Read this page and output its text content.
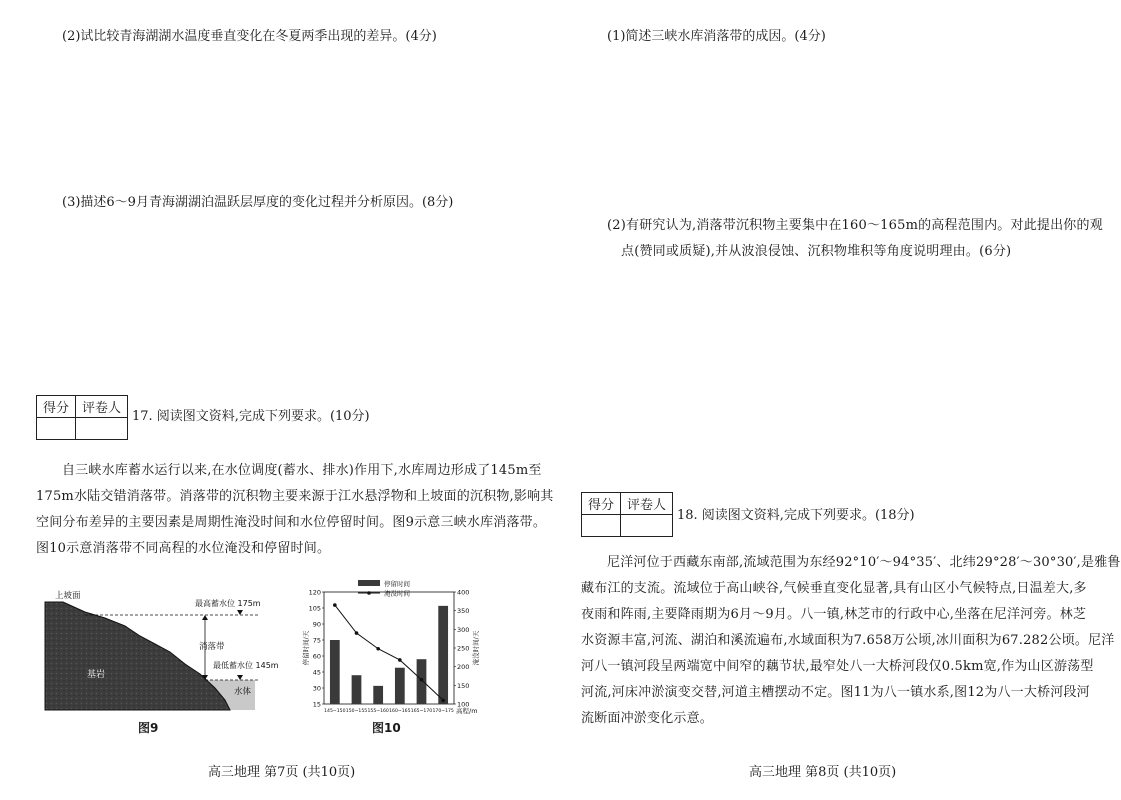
(2)试比较青海湖湖水温度垂直变化在冬夏两季出现的差异。(4分)
(3)描述6～9月青海湖湖泊温跃层厚度的变化过程并分析原因。(8分)
得分	评卷人

17. 阅读图文资料,完成下列要求。(10分)
自三峡水库蓄水运行以来,在水位调度(蓄水、排水)作用下,水库周边形成了145m至
175m水陆交错消落带。消落带的沉积物主要来源于江水悬浮物和上坡面的沉积物,影响其
空间分布差异的主要因素是周期性淹没时间和水位停留时间。图9示意三峡水库消落带。
图10示意消落带不同高程的水位淹没和停留时间。
上坡面
最高蓄水位 175m
消落带
最低蓄水位 145m
基岩
水体
图9
15
30
45
60
75
90
105
120
100
150
200
250
300
350
400
145~150 150~155 155~160 160~165 165~170 170~175 高程/m
停留时间/天	淹没时间/天
停留时间
淹没时间
图10
高三地理 第7页 (共10页)
(1)简述三峡水库消落带的成因。(4分)
(2)有研究认为,消落带沉积物主要集中在160～165m的高程范围内。对此提出你的观
点(赞同或质疑),并从波浪侵蚀、沉积物堆积等角度说明理由。(6分)
得分	评卷人

18. 阅读图文资料,完成下列要求。(18分)
尼洋河位于西藏东南部,流域范围为东经92°10′～94°35′、北纬29°28′～30°30′,是雅鲁
藏布江的支流。流域位于高山峡谷,气候垂直变化显著,具有山区小气候特点,日温差大,多
夜雨和阵雨,主要降雨期为6月～9月。八一镇,林芝市的行政中心,坐落在尼洋河旁。林芝
水资源丰富,河流、湖泊和溪流遍布,水域面积为7.658万公顷,冰川面积为67.282公顷。尼洋
河八一镇河段呈两端宽中间窄的藕节状,最窄处八一大桥河段仅0.5km宽,作为山区游荡型
河流,河床冲淤演变交替,河道主槽摆动不定。图11为八一镇水系,图12为八一大桥河段河
流断面冲淤变化示意。
高三地理 第8页 (共10页)
